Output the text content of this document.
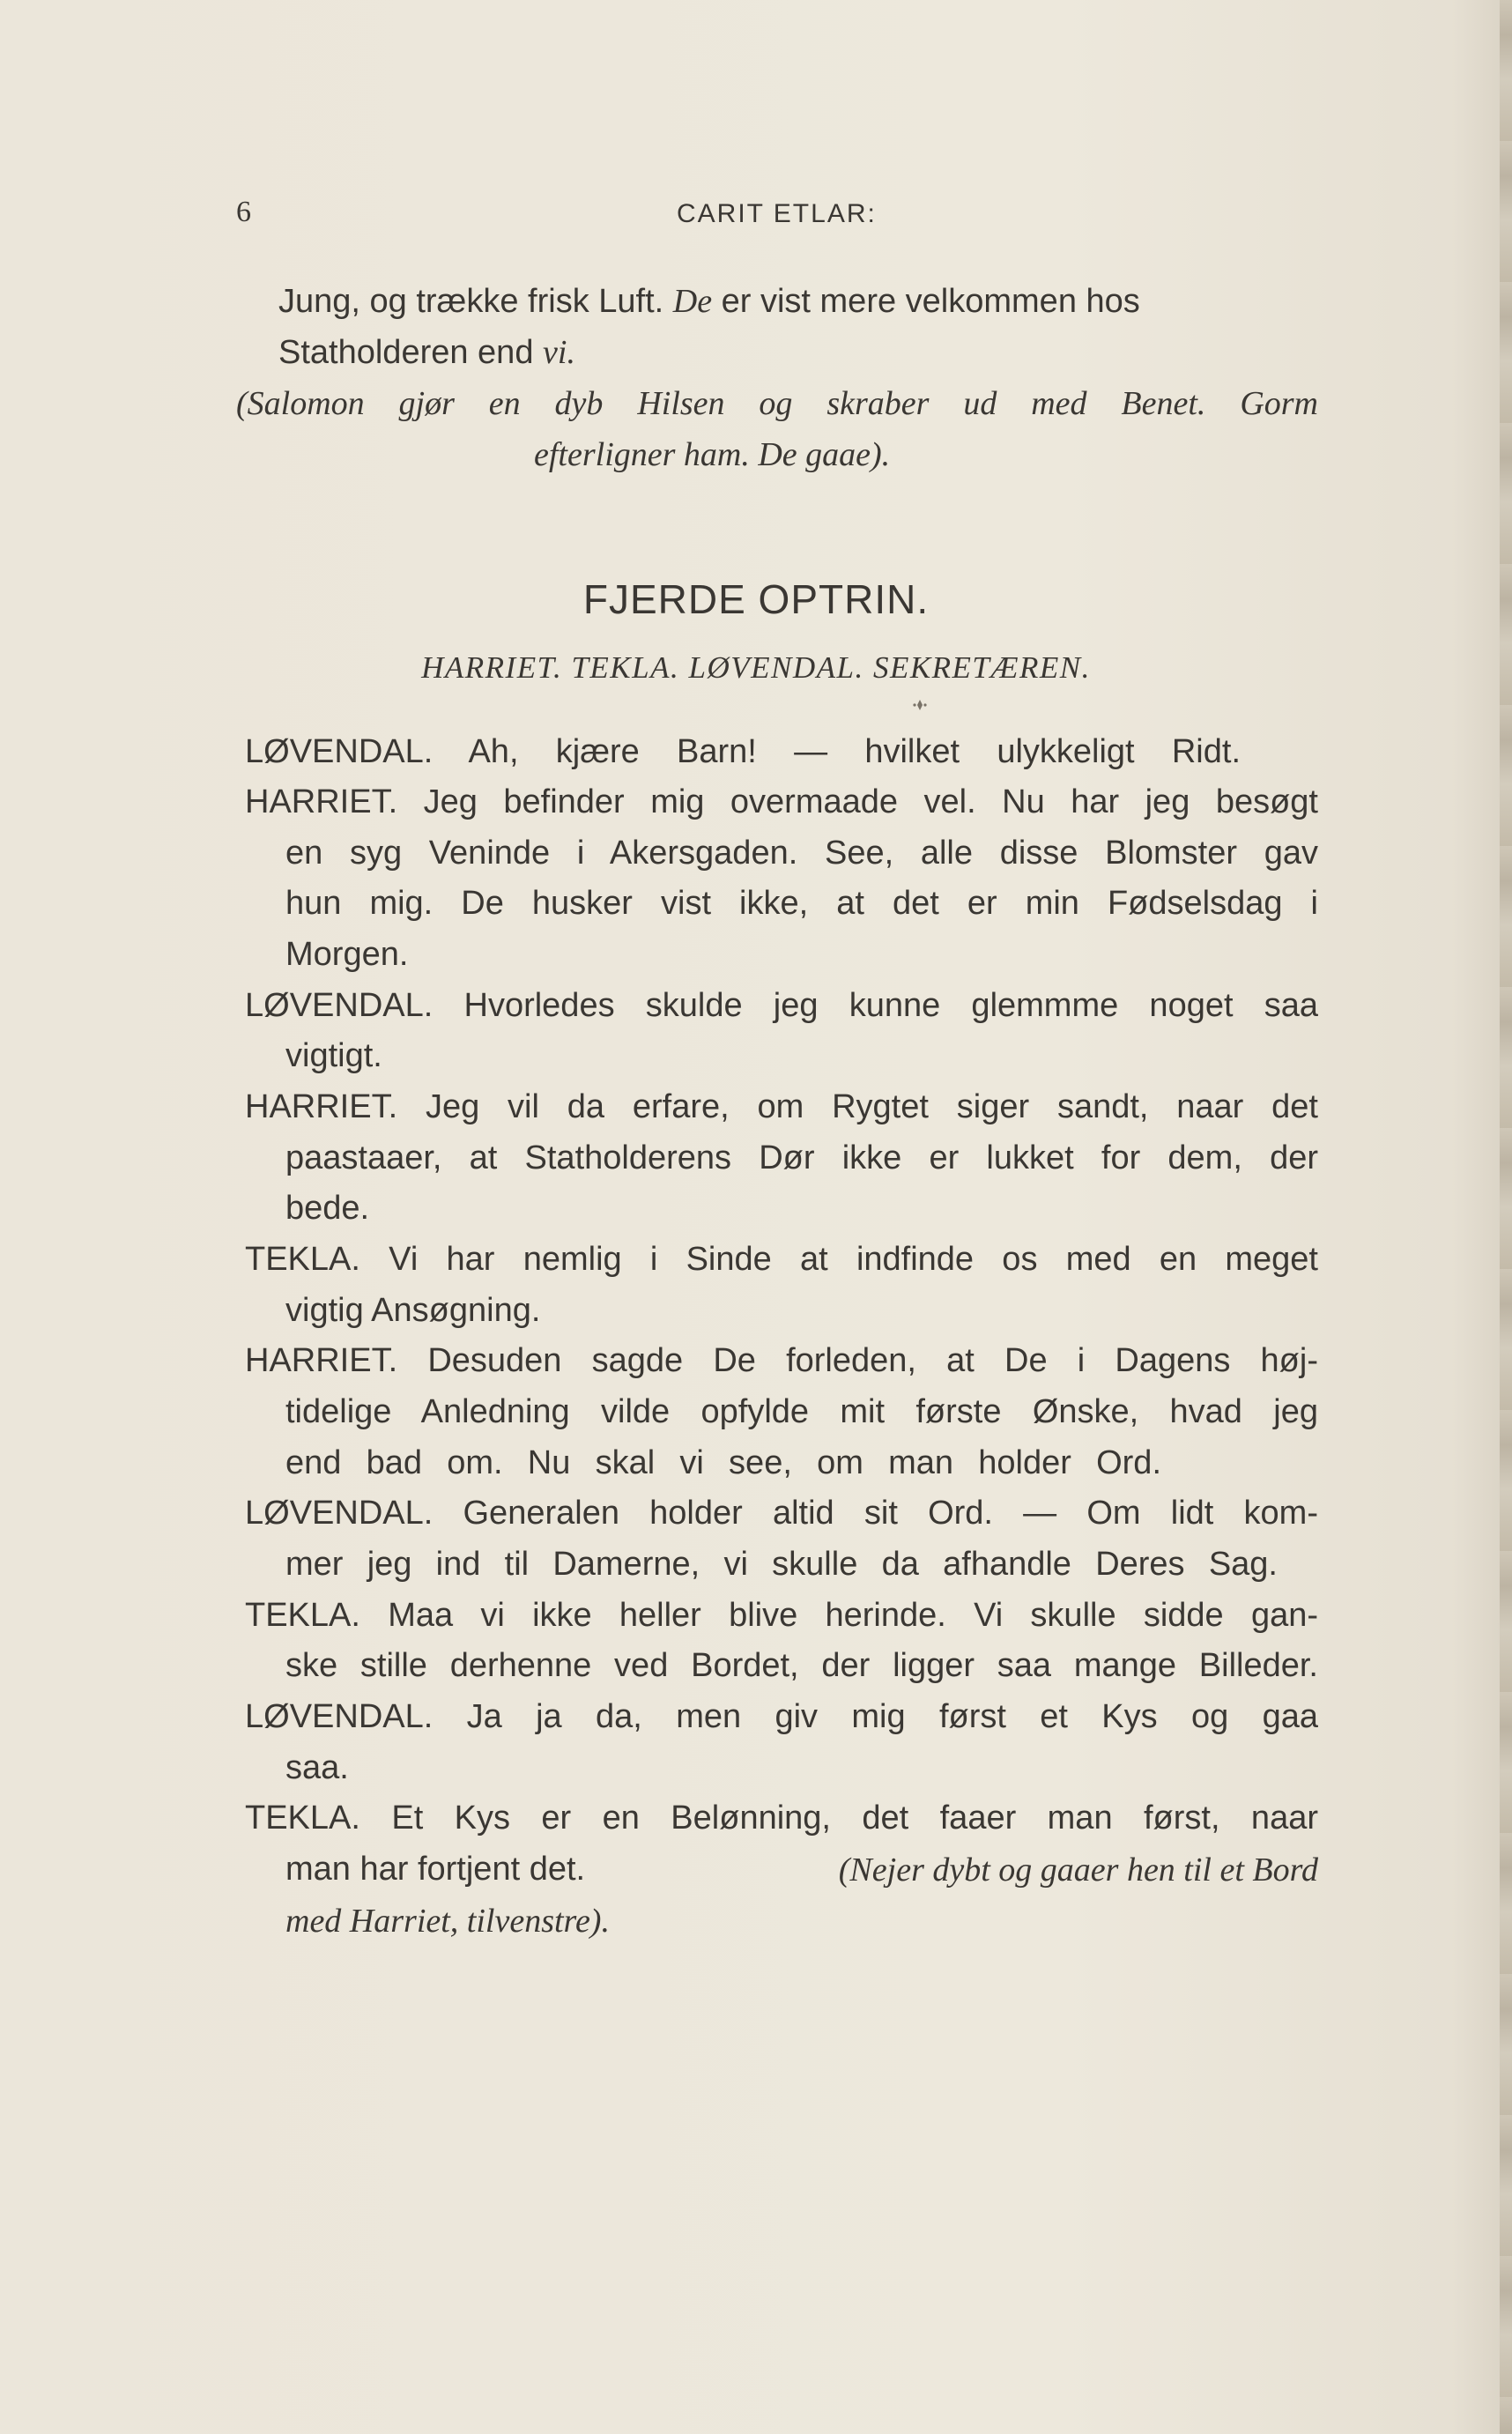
6	CARIT ETLAR:
Jung, og trække frisk Luft. De er vist mere velkommen hos
Statholderen end vi.
(Salomon gjør en dyb Hilsen og skraber ud med Benet. Gorm
efterligner ham. De gaae).
FJERDE OPTRIN.
HARRIET. TEKLA. LØVENDAL. SEKRETÆREN.
LØVENDAL. Ah, kjære Barn! — hvilket ulykkeligt Ridt.
HARRIET. Jeg befinder mig overmaade vel. Nu har jeg besøgt
en syg Veninde i Akersgaden. See, alle disse Blomster gav
hun mig. De husker vist ikke, at det er min Fødselsdag i
Morgen.
LØVENDAL. Hvorledes skulde jeg kunne glemmme noget saa
vigtigt.
HARRIET. Jeg vil da erfare, om Rygtet siger sandt, naar det
paastaaer, at Statholderens Dør ikke er lukket for dem, der
bede.
TEKLA. Vi har nemlig i Sinde at indfinde os med en meget
vigtig Ansøgning.
HARRIET. Desuden sagde De forleden, at De i Dagens høj-
tidelige Anledning vilde opfylde mit første Ønske, hvad jeg
end bad om. Nu skal vi see, om man holder Ord.
LØVENDAL. Generalen holder altid sit Ord. — Om lidt kom-
mer jeg ind til Damerne, vi skulle da afhandle Deres Sag.
TEKLA. Maa vi ikke heller blive herinde. Vi skulle sidde gan-
ske stille derhenne ved Bordet, der ligger saa mange Billeder.
LØVENDAL. Ja ja da, men giv mig først et Kys og gaa
saa.
TEKLA. Et Kys er en Belønning, det faaer man først, naar
man har fortjent det.	(Nejer dybt og gaaer hen til et Bord
med Harriet, tilvenstre).
